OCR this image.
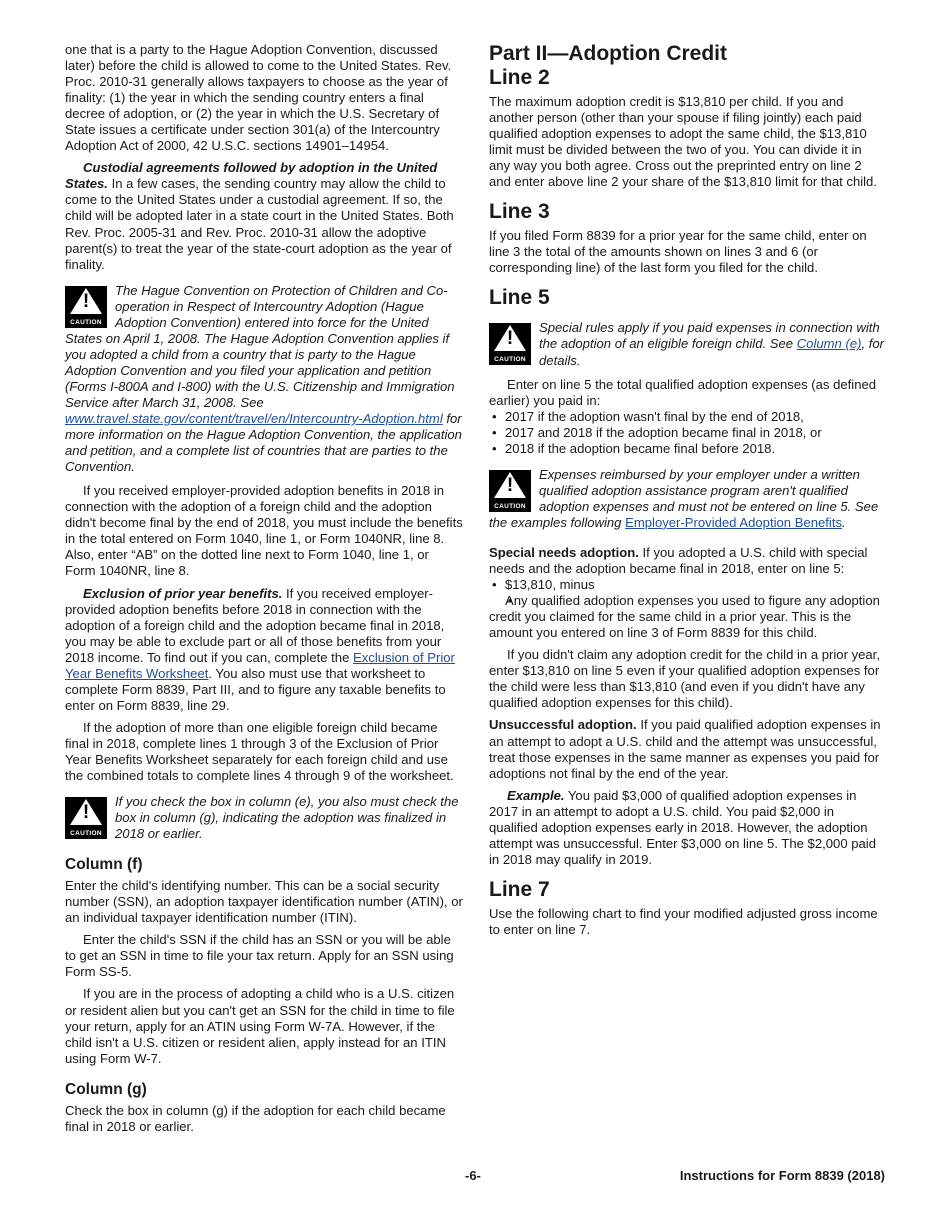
one that is a party to the Hague Adoption Convention, discussed later) before the child is allowed to come to the United States. Rev. Proc. 2010-31 generally allows taxpayers to choose as the year of finality: (1) the year in which the sending country enters a final decree of adoption, or (2) the year in which the U.S. Secretary of State issues a certificate under section 301(a) of the Intercountry Adoption Act of 2000, 42 U.S.C. sections 14901–14954.

Custodial agreements followed by adoption in the United States. In a few cases, the sending country may allow the child to come to the United States under a custodial agreement. If so, the child will be adopted later in a state court in the United States. Both Rev. Proc. 2005-31 and Rev. Proc. 2010-31 allow the adoptive parent(s) to treat the year of the state-court adoption as the year of finality.

!
CAUTION
The Hague Convention on Protection of Children and Co-operation in Respect of Intercountry Adoption (Hague Adoption Convention) entered into force for the United States on April 1, 2008. The Hague Adoption Convention applies if you adopted a child from a country that is party to the Hague Adoption Convention and you filed your application and petition (Forms I-800A and I-800) with the U.S. Citizenship and Immigration Service after March 31, 2008. See www.travel.state.gov/content/travel/en/Intercountry-Adoption.html for more information on the Hague Adoption Convention, the application and petition, and a complete list of countries that are parties to the Convention.

If you received employer-provided adoption benefits in 2018 in connection with the adoption of a foreign child and the adoption didn't become final by the end of 2018, you must include the benefits in the total entered on Form 1040, line 1, or Form 1040NR, line 8. Also, enter “AB” on the dotted line next to Form 1040, line 1, or Form 1040NR, line 8.

Exclusion of prior year benefits. If you received employer-provided adoption benefits before 2018 in connection with the adoption of a foreign child and the adoption became final in 2018, you may be able to exclude part or all of those benefits from your 2018 income. To find out if you can, complete the Exclusion of Prior Year Benefits Worksheet. You also must use that worksheet to complete Form 8839, Part III, and to figure any taxable benefits to enter on Form 8839, line 29.

If the adoption of more than one eligible foreign child became final in 2018, complete lines 1 through 3 of the Exclusion of Prior Year Benefits Worksheet separately for each foreign child and use the combined totals to complete lines 4 through 9 of the worksheet.

!
CAUTION
If you check the box in column (e), you also must check the box in column (g), indicating the adoption was finalized in 2018 or earlier.
Column (f)

Enter the child's identifying number. This can be a social security number (SSN), an adoption taxpayer identification number (ATIN), or an individual taxpayer identification number (ITIN).

Enter the child's SSN if the child has an SSN or you will be able to get an SSN in time to file your tax return. Apply for an SSN using Form SS-5.

If you are in the process of adopting a child who is a U.S. citizen or resident alien but you can't get an SSN for the child in time to file your return, apply for an ATIN using Form W-7A. However, if the child isn't a U.S. citizen or resident alien, apply instead for an ITIN using Form W-7.

Column (g)

Check the box in column (g) if the adoption for each child became final in 2018 or earlier.

Part II—Adoption Credit
Line 2

The maximum adoption credit is $13,810 per child. If you and another person (other than your spouse if filing jointly) each paid qualified adoption expenses to adopt the same child, the $13,810 limit must be divided between the two of you. You can divide it in any way you both agree. Cross out the preprinted entry on line 2 and enter above line 2 your share of the $13,810 limit for that child.

Line 3

If you filed Form 8839 for a prior year for the same child, enter on line 3 the total of the amounts shown on lines 3 and 6 (or corresponding line) of the last form you filed for the child.

Line 5
!
CAUTION
Special rules apply if you paid expenses in connection with the adoption of an eligible foreign child. See Column (e), for details.

Enter on line 5 the total qualified adoption expenses (as defined earlier) you paid in:

• 2017 if the adoption wasn't final by the end of 2018,
• 2017 and 2018 if the adoption became final in 2018, or
• 2018 if the adoption became final before 2018.
!
CAUTION
Expenses reimbursed by your employer under a written qualified adoption assistance program aren't qualified adoption expenses and must not be entered on line 5. See the examples following Employer-Provided Adoption Benefits.

Special needs adoption. If you adopted a U.S. child with special needs and the adoption became final in 2018, enter on line 5:

• $13,810, minus
• Any qualified adoption expenses you used to figure any adoption credit you claimed for the same child in a prior year. This is the amount you entered on line 3 of Form 8839 for this child.

If you didn't claim any adoption credit for the child in a prior year, enter $13,810 on line 5 even if your qualified adoption expenses for the child were less than $13,810 (and even if you didn't have any qualified adoption expenses for this child).

Unsuccessful adoption. If you paid qualified adoption expenses in an attempt to adopt a U.S. child and the attempt was unsuccessful, treat those expenses in the same manner as expenses you paid for adoptions not final by the end of the year.

Example. You paid $3,000 of qualified adoption expenses in 2017 in an attempt to adopt a U.S. child. You paid $2,000 in qualified adoption expenses early in 2018. However, the adoption attempt was unsuccessful. Enter $3,000 on line 5. The $2,000 paid in 2018 may qualify in 2019.

Line 7

Use the following chart to find your modified adjusted gross income to enter on line 7.

-6-	Instructions for Form 8839 (2018)
